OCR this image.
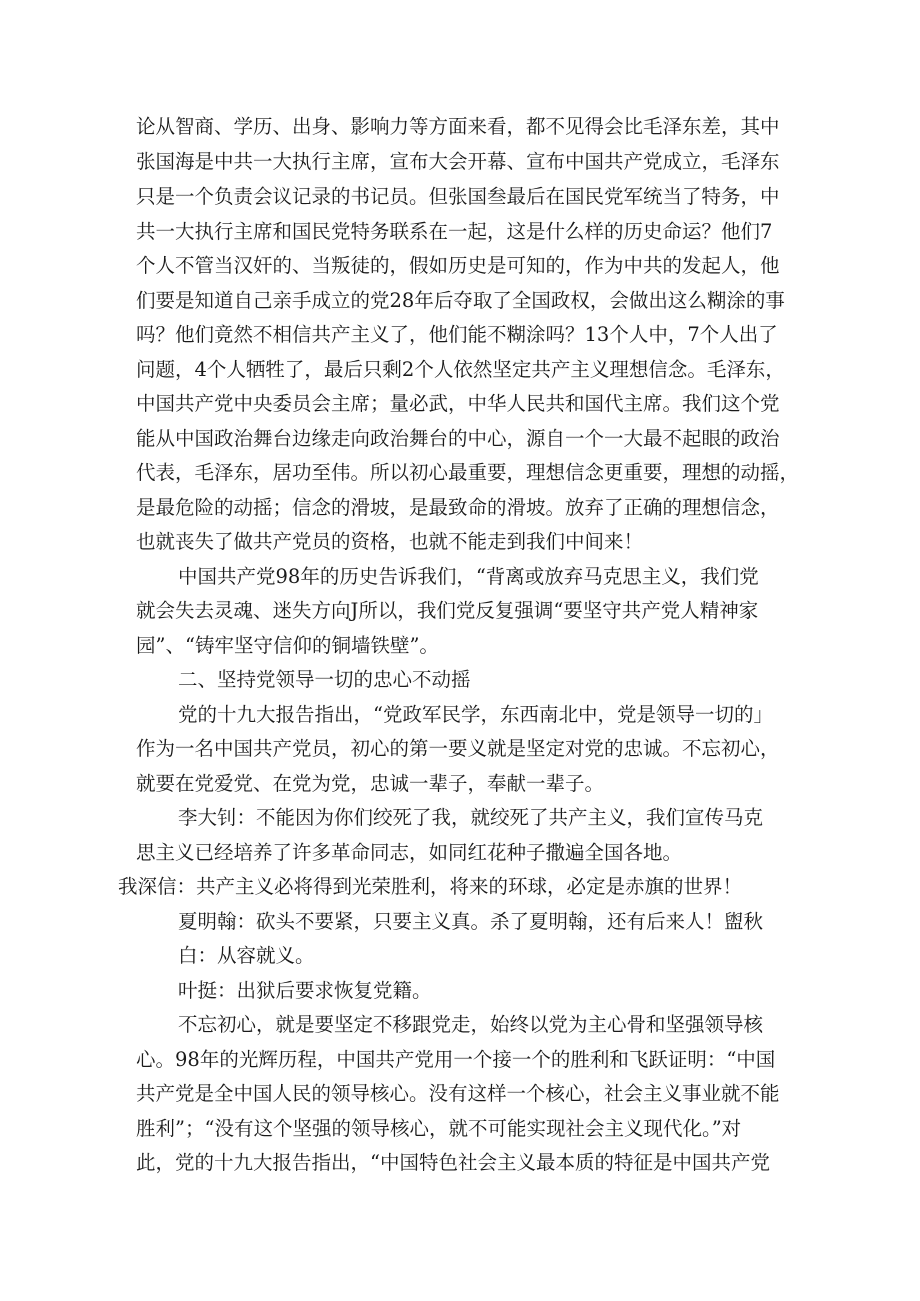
论从智商、学历、出身、影响力等方面来看，都不见得会比毛泽东差，其中
张国海是中共一大执行主席，宣布大会开幕、宣布中国共产党成立，毛泽东
只是一个负责会议记录的书记员。但张国叁最后在国民党军统当了特务，中
共一大执行主席和国民党特务联系在一起，这是什么样的历史命运？他们7
个人不管当汉奸的、当叛徒的，假如历史是可知的，作为中共的发起人，他
们要是知道自己亲手成立的党28年后夺取了全国政权，会做出这么糊涂的事
吗？他们竟然不相信共产主义了，他们能不糊涂吗？13个人中，7个人出了
问题，4个人牺牲了，最后只剩2个人依然坚定共产主义理想信念。毛泽东，
中国共产党中央委员会主席；量必武，中华人民共和国代主席。我们这个党
能从中国政治舞台边缘走向政治舞台的中心，源自一个一大最不起眼的政治
代表，毛泽东，居功至伟。所以初心最重要，理想信念更重要，理想的动摇，
是最危险的动摇；信念的滑坡，是最致命的滑坡。放弃了正确的理想信念，
也就丧失了做共产党员的资格，也就不能走到我们中间来！
中国共产党98年的历史告诉我们，“背离或放弃马克思主义，我们党
就会失去灵魂、迷失方向J所以，我们党反复强调“要坚守共产党人精神家
园”、“铸牢坚守信仰的铜墙铁壁”。
二、坚持党领导一切的忠心不动摇
党的十九大报告指出，“党政军民学，东西南北中，党是领导一切的」
作为一名中国共产党员，初心的第一要义就是坚定对党的忠诚。不忘初心，
就要在党爱党、在党为党，忠诚一辈子，奉献一辈子。
李大钊：不能因为你们绞死了我，就绞死了共产主义，我们宣传马克
思主义已经培养了许多革命同志，如同红花种子撒遍全国各地。
我深信：共产主义必将得到光荣胜利，将来的环球，必定是赤旗的世界！
夏明翰：砍头不要紧，只要主义真。杀了夏明翰，还有后来人！盥秋
白：从容就义。
叶挺：出狱后要求恢复党籍。
不忘初心，就是要坚定不移跟党走，始终以党为主心骨和坚强领导核
心。98年的光辉历程，中国共产党用一个接一个的胜利和飞跃证明：“中国
共产党是全中国人民的领导核心。没有这样一个核心，社会主义事业就不能
胜利”；“没有这个坚强的领导核心，就不可能实现社会主义现代化。”对
此，党的十九大报告指出，“中国特色社会主义最本质的特征是中国共产党
